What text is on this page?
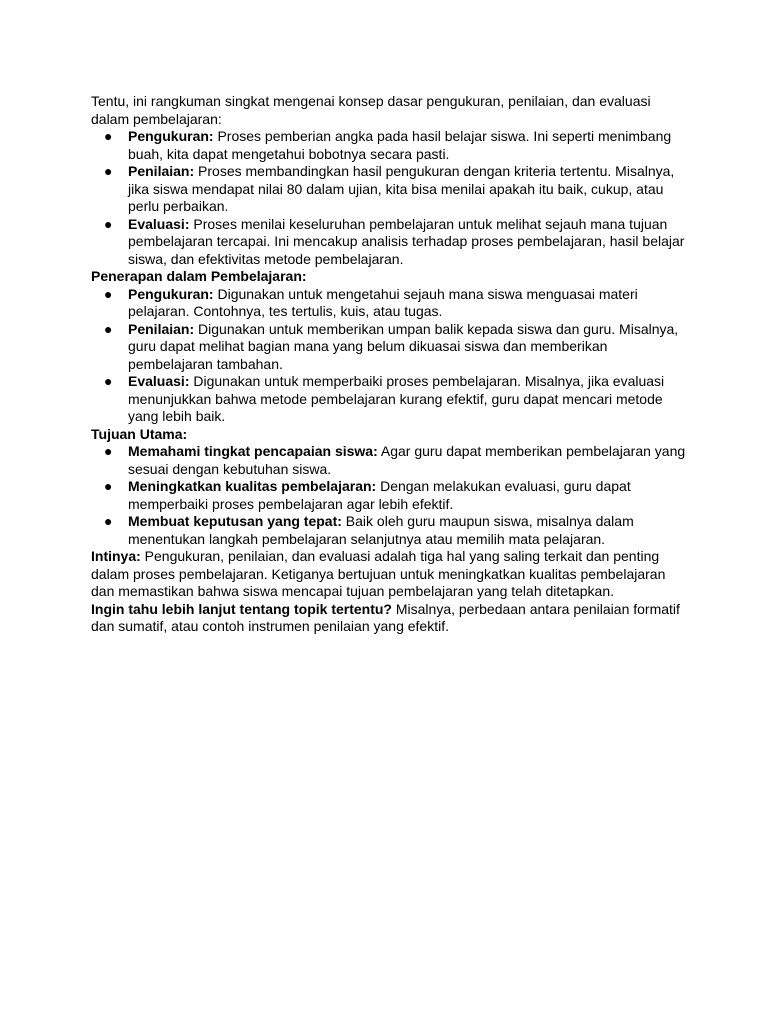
Tentu, ini rangkuman singkat mengenai konsep dasar pengukuran, penilaian, dan evaluasi dalam pembelajaran:

● Pengukuran: Proses pemberian angka pada hasil belajar siswa. Ini seperti menimbang buah, kita dapat mengetahui bobotnya secara pasti.
● Penilaian: Proses membandingkan hasil pengukuran dengan kriteria tertentu. Misalnya, jika siswa mendapat nilai 80 dalam ujian, kita bisa menilai apakah itu baik, cukup, atau perlu perbaikan.
● Evaluasi: Proses menilai keseluruhan pembelajaran untuk melihat sejauh mana tujuan pembelajaran tercapai. Ini mencakup analisis terhadap proses pembelajaran, hasil belajar siswa, dan efektivitas metode pembelajaran.

Penerapan dalam Pembelajaran:

● Pengukuran: Digunakan untuk mengetahui sejauh mana siswa menguasai materi pelajaran. Contohnya, tes tertulis, kuis, atau tugas.
● Penilaian: Digunakan untuk memberikan umpan balik kepada siswa dan guru. Misalnya, guru dapat melihat bagian mana yang belum dikuasai siswa dan memberikan pembelajaran tambahan.
● Evaluasi: Digunakan untuk memperbaiki proses pembelajaran. Misalnya, jika evaluasi menunjukkan bahwa metode pembelajaran kurang efektif, guru dapat mencari metode yang lebih baik.

Tujuan Utama:

● Memahami tingkat pencapaian siswa: Agar guru dapat memberikan pembelajaran yang sesuai dengan kebutuhan siswa.
● Meningkatkan kualitas pembelajaran: Dengan melakukan evaluasi, guru dapat memperbaiki proses pembelajaran agar lebih efektif.
● Membuat keputusan yang tepat: Baik oleh guru maupun siswa, misalnya dalam menentukan langkah pembelajaran selanjutnya atau memilih mata pelajaran.

Intinya: Pengukuran, penilaian, dan evaluasi adalah tiga hal yang saling terkait dan penting dalam proses pembelajaran. Ketiganya bertujuan untuk meningkatkan kualitas pembelajaran dan memastikan bahwa siswa mencapai tujuan pembelajaran yang telah ditetapkan.

Ingin tahu lebih lanjut tentang topik tertentu? Misalnya, perbedaan antara penilaian formatif dan sumatif, atau contoh instrumen penilaian yang efektif.
